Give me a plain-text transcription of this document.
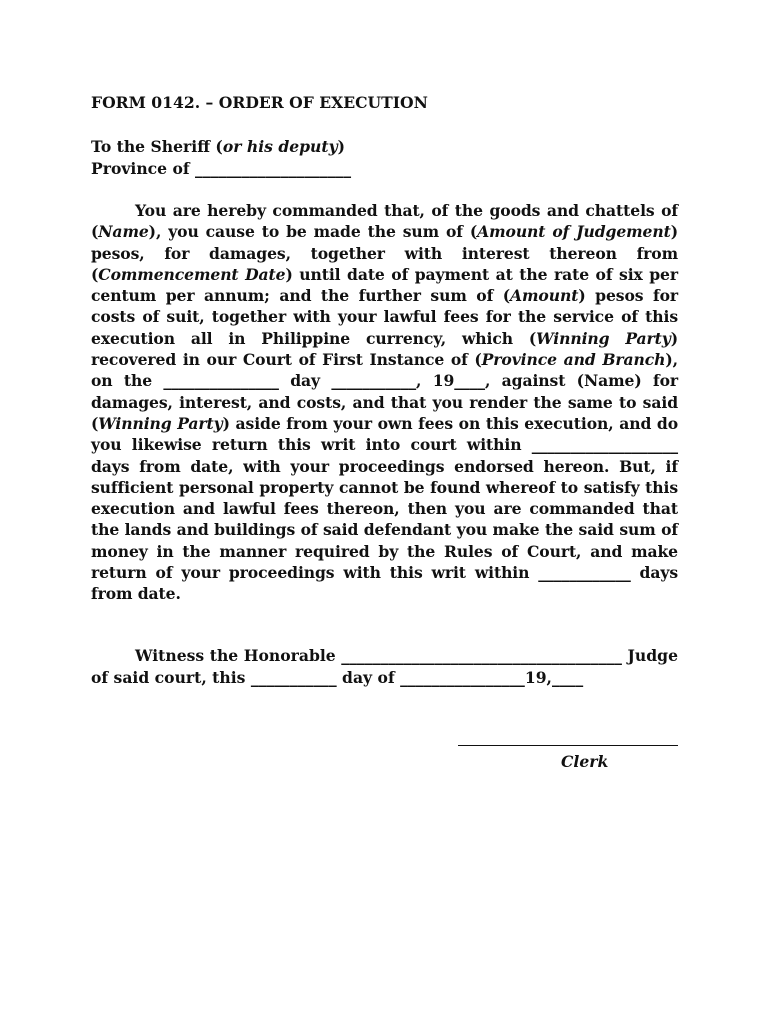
FORM 0142. – ORDER OF EXECUTION
To the Sheriff (or his deputy)
Province of ____________________

You are hereby commanded that, of the goods and chattels of (Name), you cause to be made the sum of (Amount of Judgement) pesos, for damages, together with interest thereon from (Commencement Date) until date of payment at the rate of six per centum per annum; and the further sum of (Amount) pesos for costs of suit, together with your lawful fees for the service of this execution all in Philippine currency, which (Winning Party) recovered in our Court of First Instance of (Province and Branch), on the _______________ day ___________, 19____, against (Name) for damages, interest, and costs, and that you render the same to said (Winning Party) aside from your own fees on this execution, and do you likewise return this writ into court within ___________________ days from date, with your proceedings endorsed hereon. But, if sufficient personal property cannot be found whereof to satisfy this execution and lawful fees thereon, then you are commanded that the lands and buildings of said defendant you make the said sum of money in the manner required by the Rules of Court, and make return of your proceedings with this writ within ____________ days from date.

Witness the Honorable ____________________________________ Judge of said court, this ___________ day of ________________19,____

Clerk
